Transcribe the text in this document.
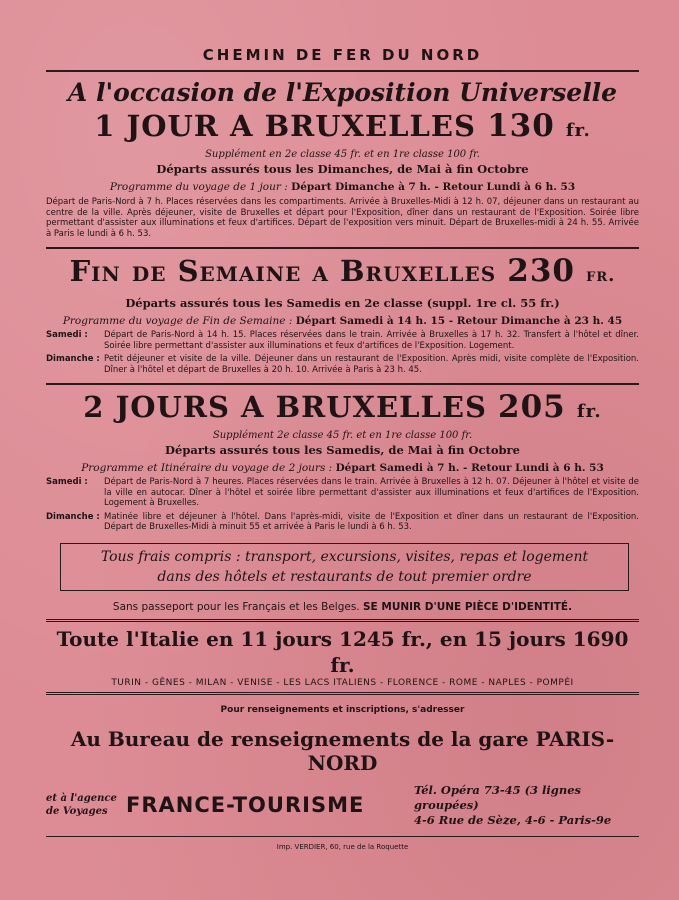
CHEMIN DE FER DU NORD
A l'occasion de l'Exposition Universelle
1 JOUR A BRUXELLES 130 fr.
Supplément en 2e classe 45 fr. et en 1re classe 100 fr.
Départs assurés tous les Dimanches, de Mai à fin Octobre
Programme du voyage de 1 jour : Départ Dimanche à 7 h. - Retour Lundi à 6 h. 53
Départ de Paris-Nord à 7 h. Places réservées dans les compartiments. Arrivée à Bruxelles-Midi à 12 h. 07, déjeuner dans un restaurant au centre de la ville. Après déjeuner, visite de Bruxelles et départ pour l'Exposition, dîner dans un restaurant de l'Exposition. Soirée libre permettant d'assister aux illuminations et feux d'artifices. Départ de l'exposition vers minuit. Départ de Bruxelles-midi à 24 h. 55. Arrivée à Paris le lundi à 6 h. 53.
Fin de Semaine a Bruxelles 230 fr.
Départs assurés tous les Samedis en 2e classe (suppl. 1re cl. 55 fr.)
Programme du voyage de Fin de Semaine : Départ Samedi à 14 h. 15 - Retour Dimanche à 23 h. 45
Samedi :	Départ de Paris-Nord à 14 h. 15. Places réservées dans le train. Arrivée à Bruxelles à 17 h. 32. Transfert à l'hôtel et dîner. Soirée libre permettant d'assister aux illuminations et feux d'artifices de l'Exposition. Logement.
Dimanche : Petit déjeuner et visite de la ville. Déjeuner dans un restaurant de l'Exposition. Après midi, visite complète de l'Exposition. Dîner à l'hôtel et départ de Bruxelles à 20 h. 10. Arrivée à Paris à 23 h. 45.
2 JOURS A BRUXELLES 205 fr.
Supplément 2e classe 45 fr. et en 1re classe 100 fr.
Départs assurés tous les Samedis, de Mai à fin Octobre
Programme et Itinéraire du voyage de 2 jours : Départ Samedi à 7 h. - Retour Lundi à 6 h. 53
Samedi :	Départ de Paris-Nord à 7 heures. Places réservées dans le train. Arrivée à Bruxelles à 12 h. 07. Déjeuner à l'hôtel et visite de la ville en autocar. Dîner à l'hôtel et soirée libre permettant d'assister aux illuminations et feux d'artifices de l'Exposition. Logement à Bruxelles.
Dimanche : Matinée libre et déjeuner à l'hôtel. Dans l'après-midi, visite de l'Exposition et dîner dans un restaurant de l'Exposition. Départ de Bruxelles-Midi à minuit 55 et arrivée à Paris le lundi à 6 h. 53.
Tous frais compris : transport, excursions, visites, repas et logement
dans des hôtels et restaurants de tout premier ordre
Sans passeport pour les Français et les Belges. SE MUNIR D'UNE PIÈCE D'IDENTITÉ.
Toute l'Italie en 11 jours 1245 fr., en 15 jours 1690 fr.
TURIN - GÊNES - MILAN - VENISE - LES LACS ITALIENS - FLORENCE - ROME - NAPLES - POMPÉI
Pour renseignements et inscriptions, s'adresser
Au Bureau de renseignements de la gare PARIS-NORD
et à l'agence
de Voyages FRANCE-TOURISME
Tél. Opéra 73-45 (3 lignes groupées)
4-6 Rue de Sèze, 4-6 - Paris-9e
Imp. VERDIER, 60, rue de la Roquette
